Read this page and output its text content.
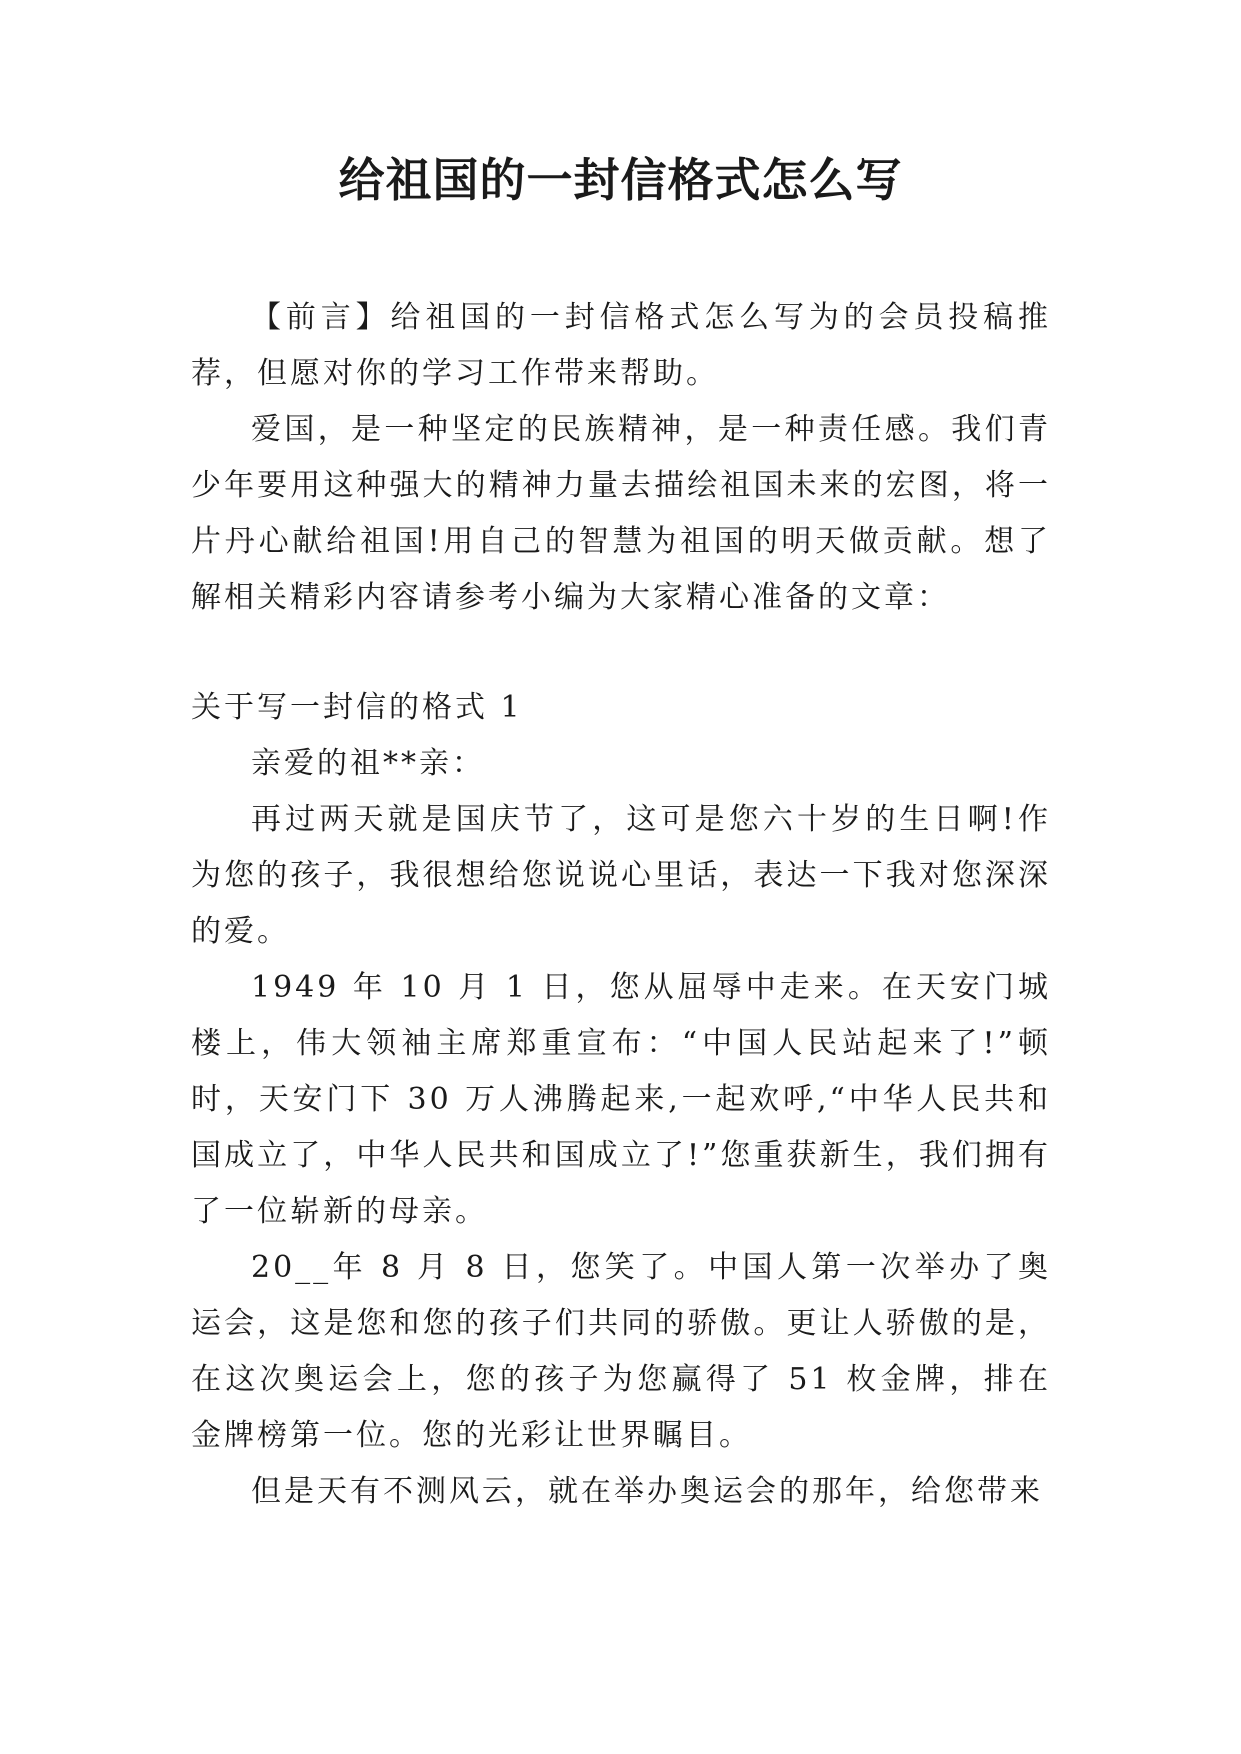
给祖国的一封信格式怎么写

【前言】给祖国的一封信格式怎么写为的会员投稿推荐，但愿对你的学习工作带来帮助。

爱国，是一种坚定的民族精神，是一种责任感。我们青少年要用这种强大的精神力量去描绘祖国未来的宏图，将一片丹心献给祖国!用自己的智慧为祖国的明天做贡献。想了解相关精彩内容请参考小编为大家精心准备的文章：

关于写一封信的格式 1

亲爱的祖**亲：

再过两天就是国庆节了，这可是您六十岁的生日啊!作为您的孩子，我很想给您说说心里话，表达一下我对您深深的爱。

1949 年 10 月 1 日，您从屈辱中走来。在天安门城楼上，伟大领袖主席郑重宣布：“中国人民站起来了!”顿时，天安门下 30 万人沸腾起来,一起欢呼,“中华人民共和国成立了，中华人民共和国成立了!”您重获新生，我们拥有了一位崭新的母亲。

20__年 8 月 8 日，您笑了。中国人第一次举办了奥运会，这是您和您的孩子们共同的骄傲。更让人骄傲的是，在这次奥运会上，您的孩子为您赢得了 51 枚金牌，排在金牌榜第一位。您的光彩让世界瞩目。

但是天有不测风云，就在举办奥运会的那年，给您带来
